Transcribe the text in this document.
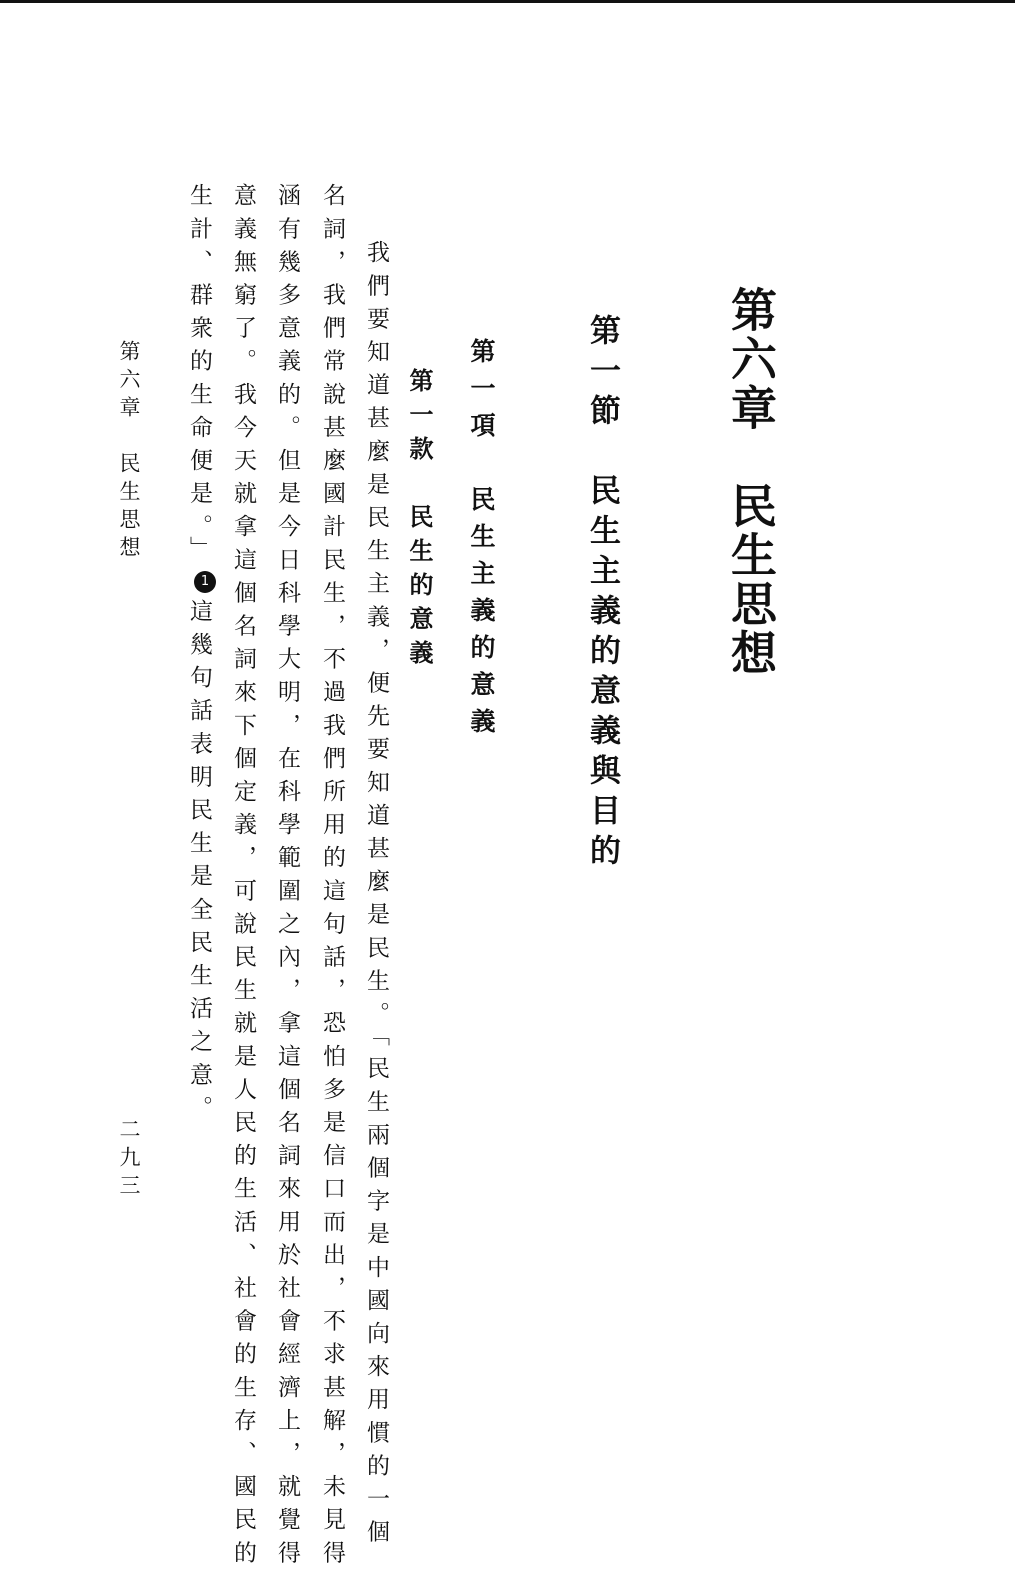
第六章　民生思想
第一節　民生主義的意義與目的
第一項　民生主義的意義
第一款　民生的意義

我們要知道甚麼是民生主義，便先要知道甚麼是民生。「民生兩個字是中國向來用慣的一個

名詞，我們常說甚麼國計民生，不過我們所用的這句話，恐怕多是信口而出，不求甚解，未見得

涵有幾多意義的。但是今日科學大明，在科學範圍之內，拿這個名詞來用於社會經濟上，就覺得

意義無窮了。我今天就拿這個名詞來下個定義，可說民生就是人民的生活、社會的生存、國民的

生計、群衆的生命便是。」1這幾句話表明民生是全民生活之意。

第六章　民生思想
二九三
